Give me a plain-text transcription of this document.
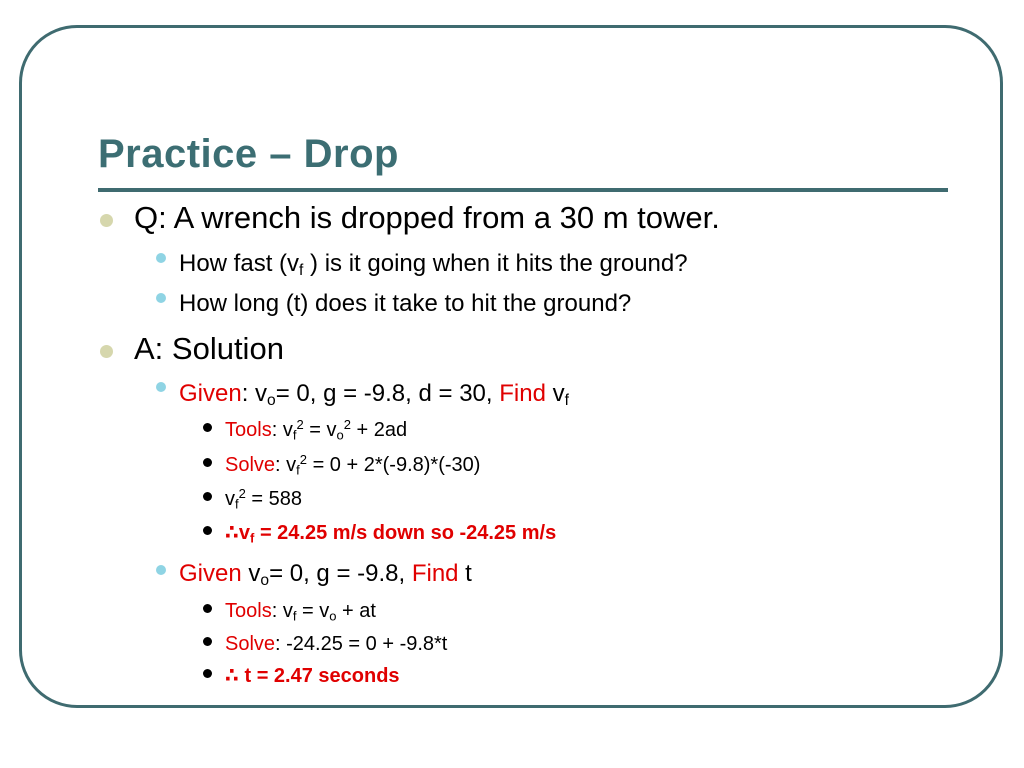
Practice – Drop
Q: A wrench is dropped from a 30 m tower.
How fast ($v_f$ ) is it going when it hits the ground?
How long (t) does it take to hit the ground?
A: Solution
Given: $v_o= 0$, g = -9.8, d = 30, Find $v_f$
Tools: $v_f^2 = v_o^2 + 2ad$
Solve: $v_f^2 = 0 + 2*(-9.8)*(-30)$
$v_f^2 = 588$
$\therefore v_f = 24.25$ m/s down so -24.25 m/s
Given $v_o= 0$, g = -9.8, Find t
Tools: $v_f = v_o$ + at
Solve: -24.25 = 0 + -9.8*t
∴ t = 2.47 seconds
